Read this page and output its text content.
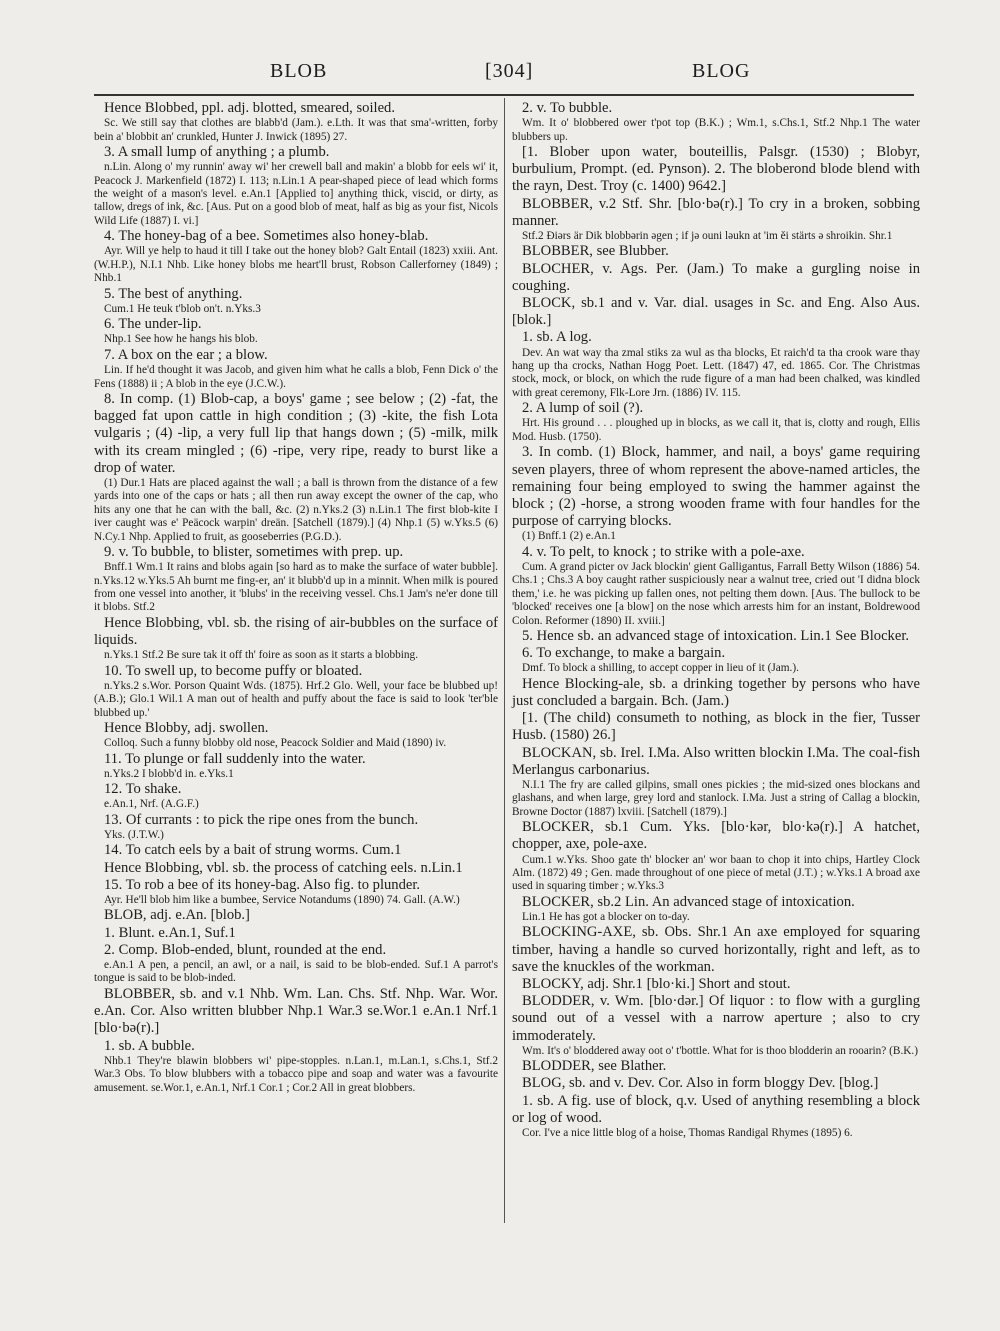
BLOB	[304]	BLOG

Hence Blobbed, ppl. adj. blotted, smeared, soiled.

Sc. We still say that clothes are blabb'd (Jam.). e.Lth. It was that sma'-written, forby bein a' blobbit an' crunkled, Hunter J. Inwick (1895) 27.

3. A small lump of anything ; a plumb.

n.Lin. Along o' my runnin' away wi' her crewell ball and makin' a blobb for eels wi' it, Peacock J. Markenfield (1872) I. 113; n.Lin.1 A pear-shaped piece of lead which forms the weight of a mason's level. e.An.1 [Applied to] anything thick, viscid, or dirty, as tallow, dregs of ink, &c. [Aus. Put on a good blob of meat, half as big as your fist, Nicols Wild Life (1887) I. vi.]

4. The honey-bag of a bee. Sometimes also honey-blab.

Ayr. Will ye help to haud it till I take out the honey blob? Galt Entail (1823) xxiii. Ant. (W.H.P.), N.I.1 Nhb. Like honey blobs me heart'll brust, Robson Callerforney (1849) ; Nhb.1

5. The best of anything.

Cum.1 He teuk t'blob on't. n.Yks.3

6. The under-lip.

Nhp.1 See how he hangs his blob.

7. A box on the ear ; a blow.

Lin. If he'd thought it was Jacob, and given him what he calls a blob, Fenn Dick o' the Fens (1888) ii ; A blob in the eye (J.C.W.).

8. In comp. (1) Blob-cap, a boys' game ; see below ; (2) -fat, the bagged fat upon cattle in high condition ; (3) -kite, the fish Lota vulgaris ; (4) -lip, a very full lip that hangs down ; (5) -milk, milk with its cream mingled ; (6) -ripe, very ripe, ready to burst like a drop of water.

(1) Dur.1 Hats are placed against the wall ; a ball is thrown from the distance of a few yards into one of the caps or hats ; all then run away except the owner of the cap, who hits any one that he can with the ball, &c. (2) n.Yks.2 (3) n.Lin.1 The first blob-kite I iver caught was e' Peäcock warpin' dreän. [Satchell (1879).] (4) Nhp.1 (5) w.Yks.5 (6) N.Cy.1 Nhp. Applied to fruit, as gooseberries (P.G.D.).

9. v. To bubble, to blister, sometimes with prep. up.

Bnff.1 Wm.1 It rains and blobs again [so hard as to make the surface of water bubble]. n.Yks.12 w.Yks.5 Ah burnt me fing-er, an' it blubb'd up in a minnit. When milk is poured from one vessel into another, it 'blubs' in the receiving vessel. Chs.1 Jam's ne'er done till it blobs. Stf.2

Hence Blobbing, vbl. sb. the rising of air-bubbles on the surface of liquids.

n.Yks.1 Stf.2 Be sure tak it off th' foire as soon as it starts a blobbing.

10. To swell up, to become puffy or bloated.

n.Yks.2 s.Wor. Porson Quaint Wds. (1875). Hrf.2 Glo. Well, your face be blubbed up! (A.B.); Glo.1 Wil.1 A man out of health and puffy about the face is said to look 'ter'ble blubbed up.'

Hence Blobby, adj. swollen.

Colloq. Such a funny blobby old nose, Peacock Soldier and Maid (1890) iv.

11. To plunge or fall suddenly into the water.

n.Yks.2 I blobb'd in. e.Yks.1

12. To shake.

e.An.1, Nrf. (A.G.F.)

13. Of currants : to pick the ripe ones from the bunch.

Yks. (J.T.W.)

14. To catch eels by a bait of strung worms. Cum.1

Hence Blobbing, vbl. sb. the process of catching eels. n.Lin.1

15. To rob a bee of its honey-bag. Also fig. to plunder.

Ayr. He'll blob him like a bumbee, Service Notandums (1890) 74. Gall. (A.W.)

BLOB, adj. e.An. [blob.]

1. Blunt. e.An.1, Suf.1

2. Comp. Blob-ended, blunt, rounded at the end.

e.An.1 A pen, a pencil, an awl, or a nail, is said to be blob-ended. Suf.1 A parrot's tongue is said to be blob-inded.

BLOBBER, sb. and v.1 Nhb. Wm. Lan. Chs. Stf. Nhp. War. Wor. e.An. Cor. Also written blubber Nhp.1 War.3 se.Wor.1 e.An.1 Nrf.1 [blo·bə(r).]

1. sb. A bubble.

Nhb.1 They're blawin blobbers wi' pipe-stopples. n.Lan.1, m.Lan.1, s.Chs.1, Stf.2 War.3 Obs. To blow blubbers with a tobacco pipe and soap and water was a favourite amusement. se.Wor.1, e.An.1, Nrf.1 Cor.1 ; Cor.2 All in great blobbers.

2. v. To bubble.

Wm. It o' blobbered ower t'pot top (B.K.) ; Wm.1, s.Chs.1, Stf.2 Nhp.1 The water blubbers up.

[1. Blober upon water, bouteillis, Palsgr. (1530) ; Blobyr, burbulium, Prompt. (ed. Pynson). 2. The bloberond blode blend with the rayn, Dest. Troy (c. 1400) 9642.]

BLOBBER, v.2 Stf. Shr. [blo·bə(r).] To cry in a broken, sobbing manner.

Stf.2 Điərs är Dik blobbərin əgen ; if jə ouni ləukn at 'im ěi stärts ə shroikin. Shr.1

BLOBBER, see Blubber.

BLOCHER, v. Ags. Per. (Jam.) To make a gurgling noise in coughing.

BLOCK, sb.1 and v. Var. dial. usages in Sc. and Eng. Also Aus. [blok.]

1. sb. A log.

Dev. An wat way tha zmal stiks za wul as tha blocks, Et raich'd ta tha crook ware thay hang up tha crocks, Nathan Hogg Poet. Lett. (1847) 47, ed. 1865. Cor. The Christmas stock, mock, or block, on which the rude figure of a man had been chalked, was kindled with great ceremony, Flk-Lore Jrn. (1886) IV. 115.

2. A lump of soil (?).

Hrt. His ground . . . ploughed up in blocks, as we call it, that is, clotty and rough, Ellis Mod. Husb. (1750).

3. In comb. (1) Block, hammer, and nail, a boys' game requiring seven players, three of whom represent the above-named articles, the remaining four being employed to swing the hammer against the block ; (2) -horse, a strong wooden frame with four handles for the purpose of carrying blocks.

(1) Bnff.1 (2) e.An.1

4. v. To pelt, to knock ; to strike with a pole-axe.

Cum. A grand picter ov Jack blockin' gient Galligantus, Farrall Betty Wilson (1886) 54. Chs.1 ; Chs.3 A boy caught rather suspiciously near a walnut tree, cried out 'I didna block them,' i.e. he was picking up fallen ones, not pelting them down. [Aus. The bullock to be 'blocked' receives one [a blow] on the nose which arrests him for an instant, Boldrewood Colon. Reformer (1890) II. xviii.]

5. Hence sb. an advanced stage of intoxication. Lin.1 See Blocker.

6. To exchange, to make a bargain.

Dmf. To block a shilling, to accept copper in lieu of it (Jam.).

Hence Blocking-ale, sb. a drinking together by persons who have just concluded a bargain. Bch. (Jam.)

[1. (The child) consumeth to nothing, as block in the fier, Tusser Husb. (1580) 26.]

BLOCKAN, sb. Irel. I.Ma. Also written blockin I.Ma. The coal-fish Merlangus carbonarius.

N.I.1 The fry are called gilpins, small ones pickies ; the mid-sized ones blockans and glashans, and when large, grey lord and stanlock. I.Ma. Just a string of Callag a blockin, Browne Doctor (1887) lxviii. [Satchell (1879).]

BLOCKER, sb.1 Cum. Yks. [blo·kər, blo·kə(r).] A hatchet, chopper, axe, pole-axe.

Cum.1 w.Yks. Shoo gate th' blocker an' wor baan to chop it into chips, Hartley Clock Alm. (1872) 49 ; Gen. made throughout of one piece of metal (J.T.) ; w.Yks.1 A broad axe used in squaring timber ; w.Yks.3

BLOCKER, sb.2 Lin. An advanced stage of intoxication.

Lin.1 He has got a blocker on to-day.

BLOCKING-AXE, sb. Obs. Shr.1 An axe employed for squaring timber, having a handle so curved horizontally, right and left, as to save the knuckles of the workman.

BLOCKY, adj. Shr.1 [blo·ki.] Short and stout.

BLODDER, v. Wm. [blo·dər.] Of liquor : to flow with a gurgling sound out of a vessel with a narrow aperture ; also to cry immoderately.

Wm. It's o' bloddered away oot o' t'bottle. What for is thoo blodderin an rooarin? (B.K.)

BLODDER, see Blather.

BLOG, sb. and v. Dev. Cor. Also in form bloggy Dev. [blog.]

1. sb. A fig. use of block, q.v. Used of anything resembling a block or log of wood.

Cor. I've a nice little blog of a hoise, Thomas Randigal Rhymes (1895) 6.
